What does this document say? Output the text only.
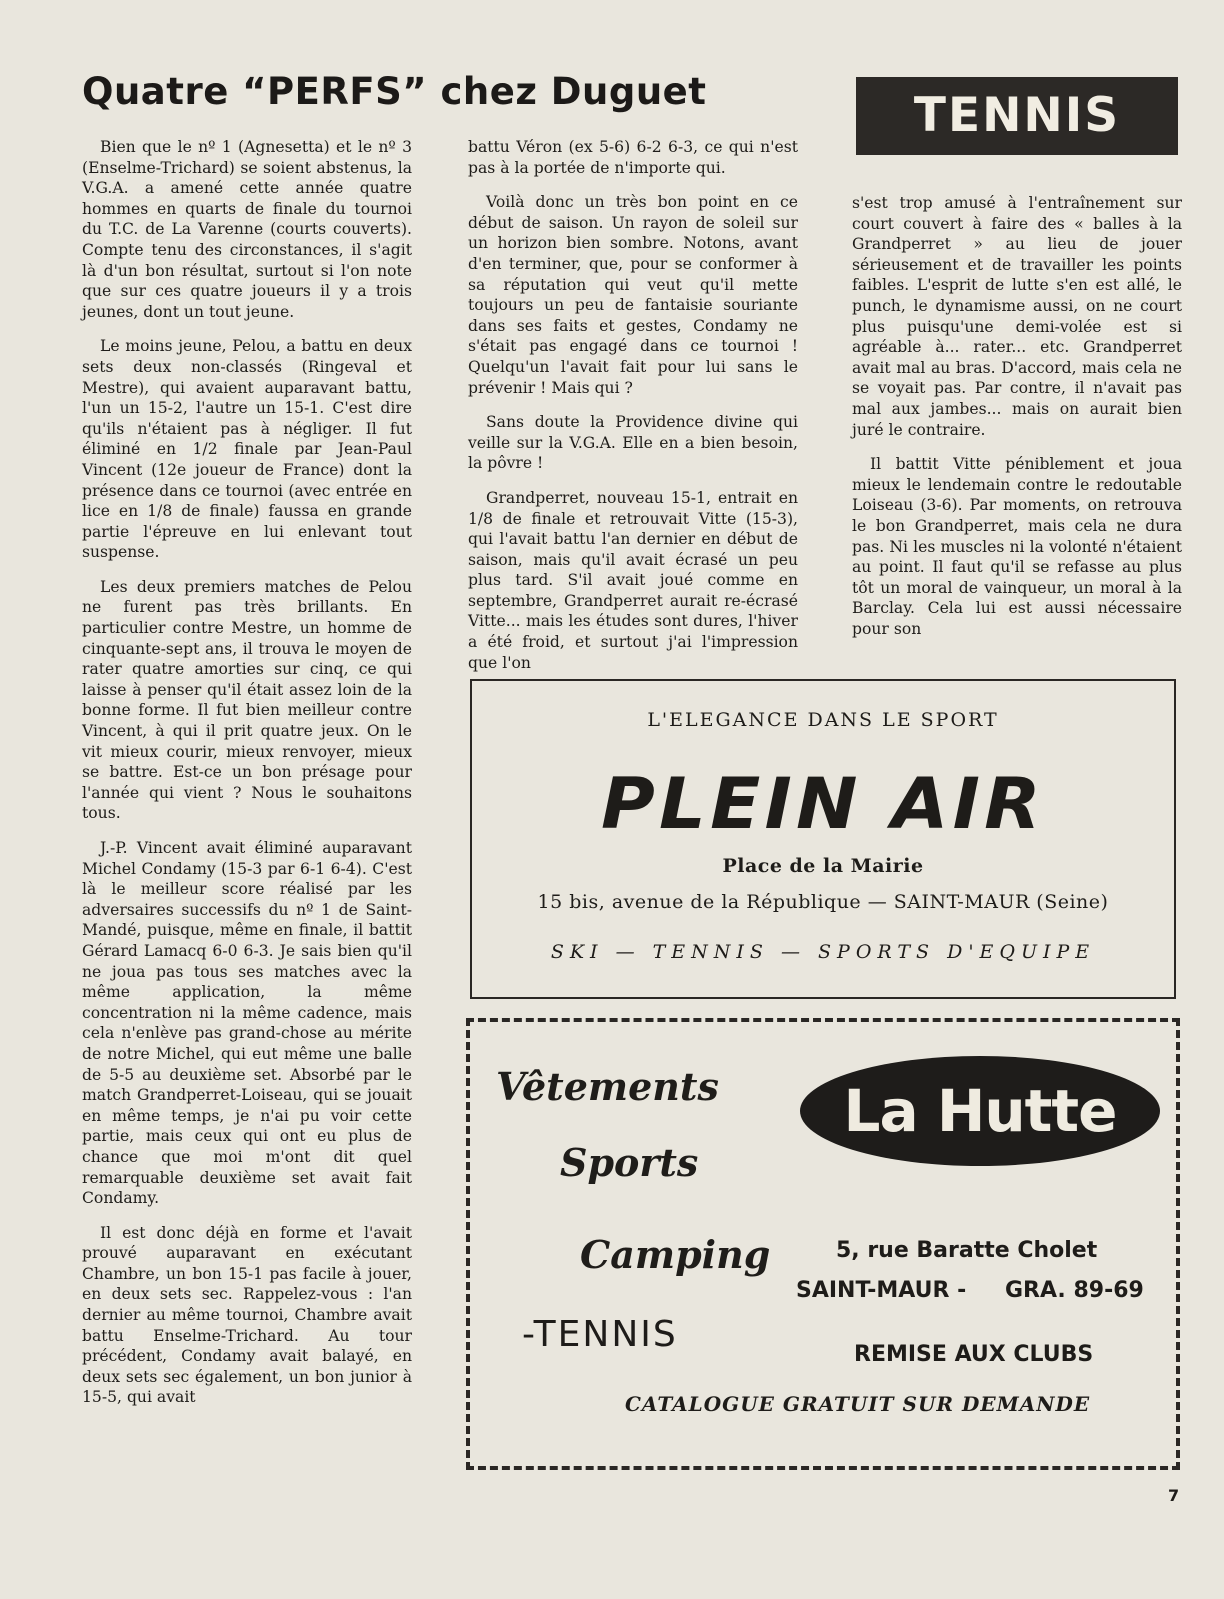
Quatre “PERFS” chez Duguet	TENNIS

Bien que le nº 1 (Agnesetta) et le nº 3 (Enselme-Trichard) se soient abstenus, la V.G.A. a amené cette année quatre hommes en quarts de finale du tournoi du T.C. de La Varenne (courts couverts). Compte tenu des circonstances, il s'agit là d'un bon résultat, surtout si l'on note que sur ces quatre joueurs il y a trois jeunes, dont un tout jeune.

Le moins jeune, Pelou, a battu en deux sets deux non-classés (Ringeval et Mestre), qui avaient auparavant battu, l'un un 15-2, l'autre un 15-1. C'est dire qu'ils n'étaient pas à négliger. Il fut éliminé en 1/2 finale par Jean-Paul Vincent (12e joueur de France) dont la présence dans ce tournoi (avec entrée en lice en 1/8 de finale) faussa en grande partie l'épreuve en lui enlevant tout suspense.

Les deux premiers matches de Pelou ne furent pas très brillants. En particulier contre Mestre, un homme de cinquante-sept ans, il trouva le moyen de rater quatre amorties sur cinq, ce qui laisse à penser qu'il était assez loin de la bonne forme. Il fut bien meilleur contre Vincent, à qui il prit quatre jeux. On le vit mieux courir, mieux renvoyer, mieux se battre. Est-ce un bon présage pour l'année qui vient ? Nous le souhaitons tous.

J.-P. Vincent avait éliminé auparavant Michel Condamy (15-3 par 6-1 6-4). C'est là le meilleur score réalisé par les adversaires successifs du nº 1 de Saint-Mandé, puisque, même en finale, il battit Gérard Lamacq 6-0 6-3. Je sais bien qu'il ne joua pas tous ses matches avec la même application, la même concentration ni la même cadence, mais cela n'enlève pas grand-chose au mérite de notre Michel, qui eut même une balle de 5-5 au deuxième set. Absorbé par le match Grandperret-Loiseau, qui se jouait en même temps, je n'ai pu voir cette partie, mais ceux qui ont eu plus de chance que moi m'ont dit quel remarquable deuxième set avait fait Condamy.

Il est donc déjà en forme et l'avait prouvé auparavant en exécutant Chambre, un bon 15-1 pas facile à jouer, en deux sets sec. Rappelez-vous : l'an dernier au même tournoi, Chambre avait battu Enselme-Trichard. Au tour précédent, Condamy avait balayé, en deux sets sec également, un bon junior à 15-5, qui avait

battu Véron (ex 5-6) 6-2 6-3, ce qui n'est pas à la portée de n'importe qui.

Voilà donc un très bon point en ce début de saison. Un rayon de soleil sur un horizon bien sombre. Notons, avant d'en terminer, que, pour se conformer à sa réputation qui veut qu'il mette toujours un peu de fantaisie souriante dans ses faits et gestes, Condamy ne s'était pas engagé dans ce tournoi ! Quelqu'un l'avait fait pour lui sans le prévenir ! Mais qui ?

Sans doute la Providence divine qui veille sur la V.G.A. Elle en a bien besoin, la pôvre !

Grandperret, nouveau 15-1, entrait en 1/8 de finale et retrouvait Vitte (15-3), qui l'avait battu l'an dernier en début de saison, mais qu'il avait écrasé un peu plus tard. S'il avait joué comme en septembre, Grandperret aurait re-écrasé Vitte... mais les études sont dures, l'hiver a été froid, et surtout j'ai l'impression que l'on

s'est trop amusé à l'entraînement sur court couvert à faire des « balles à la Grandperret » au lieu de jouer sérieusement et de travailler les points faibles. L'esprit de lutte s'en est allé, le punch, le dynamisme aussi, on ne court plus puisqu'une demi-volée est si agréable à... rater... etc. Grandperret avait mal au bras. D'accord, mais cela ne se voyait pas. Par contre, il n'avait pas mal aux jambes... mais on aurait bien juré le contraire.

Il battit Vitte péniblement et joua mieux le lendemain contre le redoutable Loiseau (3-6). Par moments, on retrouva le bon Grandperret, mais cela ne dura pas. Ni les muscles ni la volonté n'étaient au point. Il faut qu'il se refasse au plus tôt un moral de vainqueur, un moral à la Barclay. Cela lui est aussi nécessaire pour son

L'ELEGANCE DANS LE SPORT
PLEIN AIR
Place de la Mairie
15 bis, avenue de la République — SAINT-MAUR (Seine)
SKI — TENNIS — SPORTS D'EQUIPE
Vêtements
Sports
Camping
-TENNIS
La Hutte
5, rue Baratte Cholet
SAINT-MAUR - GRA. 89-69
REMISE AUX CLUBS
CATALOGUE GRATUIT SUR DEMANDE
7
